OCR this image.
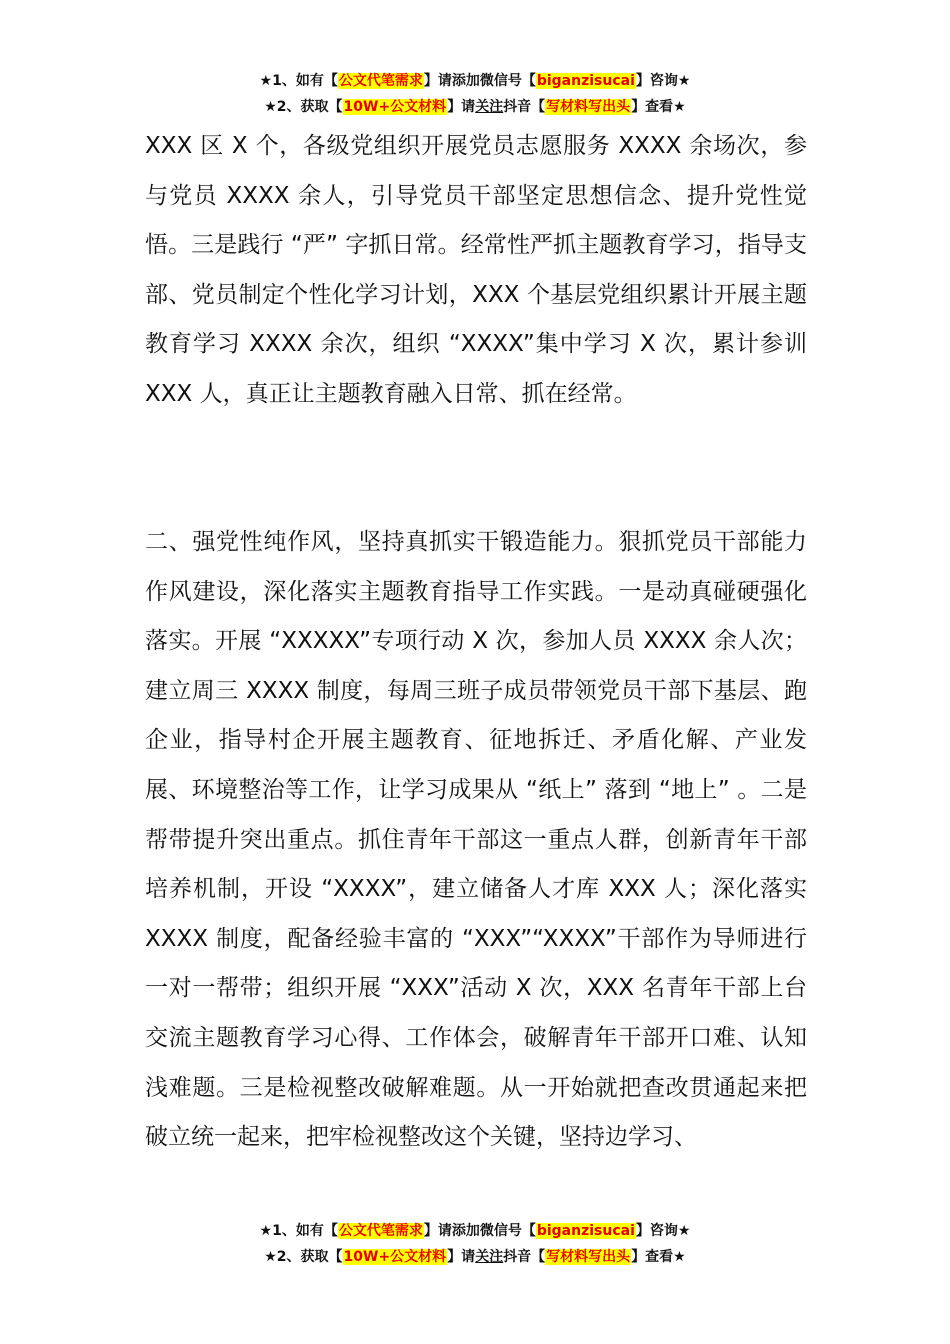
★1、如有【公文代笔需求】请添加微信号【biganzisucai】咨询★
★2、获取【10W+公文材料】请关注抖音【写材料写出头】查看★
XXX 区 X 个，各级党组织开展党员志愿服务 XXXX 余场次，参与党员 XXXX 余人，引导党员干部坚定思想信念、提升党性觉悟。三是践行 “严” 字抓日常。经常性严抓主题教育学习，指导支部、党员制定个性化学习计划，XXX 个基层党组织累计开展主题教育学习 XXXX 余次，组织 “XXXX”集中学习 X 次，累计参训 XXX 人，真正让主题教育融入日常、抓在经常。
二、强党性纯作风，坚持真抓实干锻造能力。狠抓党员干部能力作风建设，深化落实主题教育指导工作实践。一是动真碰硬强化落实。开展 “XXXXX”专项行动 X 次，参加人员 XXXX 余人次；建立周三 XXXX 制度，每周三班子成员带领党员干部下基层、跑企业，指导村企开展主题教育、征地拆迁、矛盾化解、产业发展、环境整治等工作，让学习成果从 “纸上” 落到 “地上” 。二是帮带提升突出重点。抓住青年干部这一重点人群，创新青年干部培养机制，开设 “XXXX”，建立储备人才库 XXX 人；深化落实 XXXX 制度，配备经验丰富的 “XXX”“XXXX”干部作为导师进行一对一帮带；组织开展 “XXX”活动 X 次，XXX 名青年干部上台交流主题教育学习心得、工作体会，破解青年干部开口难、认知浅难题。三是检视整改破解难题。从一开始就把查改贯通起来把破立统一起来，把牢检视整改这个关键，坚持边学习、
★1、如有【公文代笔需求】请添加微信号【biganzisucai】咨询★
★2、获取【10W+公文材料】请关注抖音【写材料写出头】查看★
